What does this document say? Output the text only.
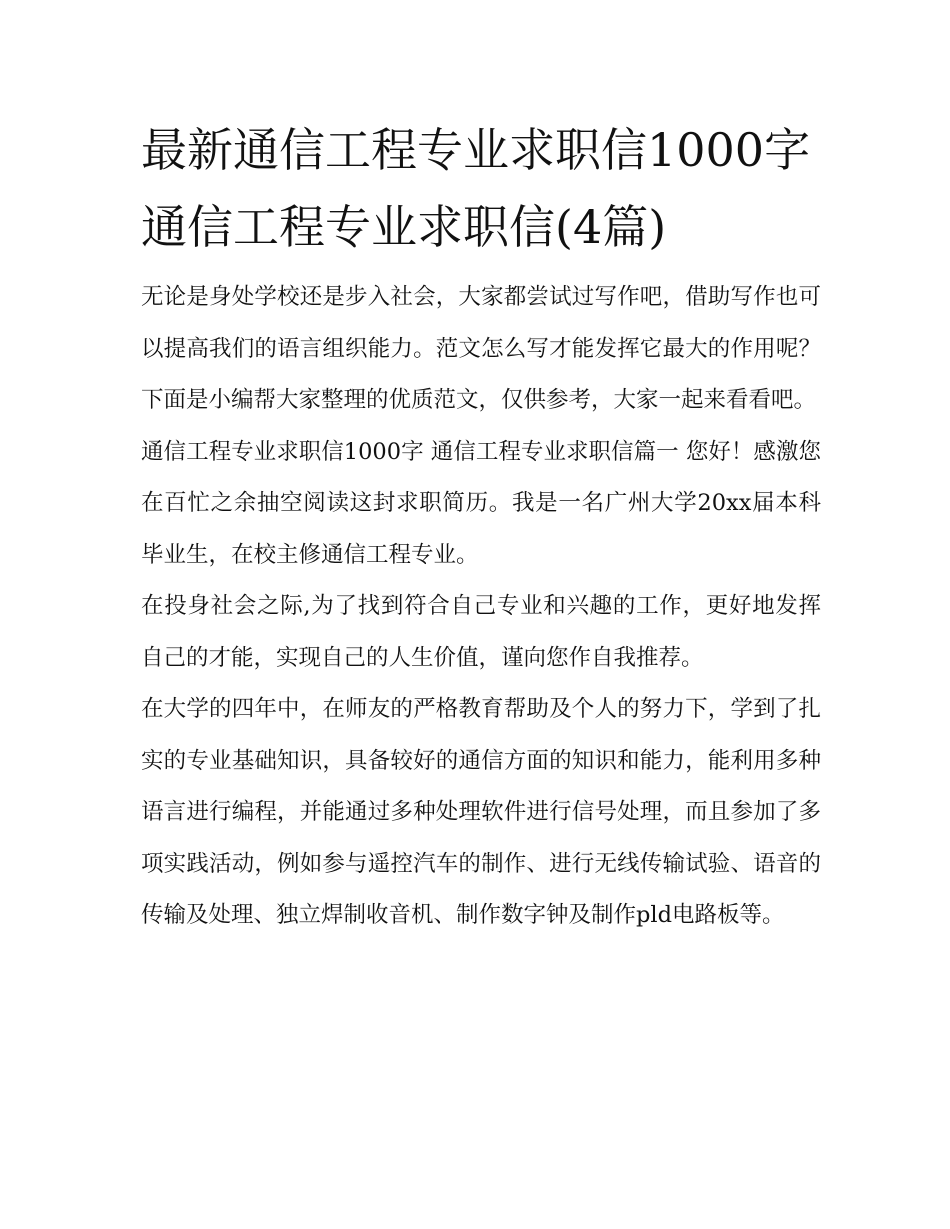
最新通信工程专业求职信1000字 通信工程专业求职信(4篇)

无论是身处学校还是步入社会，大家都尝试过写作吧，借助写作也可以提高我们的语言组织能力。范文怎么写才能发挥它最大的作用呢？下面是小编帮大家整理的优质范文，仅供参考，大家一起来看看吧。

通信工程专业求职信1000字 通信工程专业求职信篇一 您好！感激您在百忙之余抽空阅读这封求职简历。我是一名广州大学20xx届本科毕业生，在校主修通信工程专业。

在投身社会之际,为了找到符合自己专业和兴趣的工作，更好地发挥自己的才能，实现自己的人生价值，谨向您作自我推荐。

在大学的四年中，在师友的严格教育帮助及个人的努力下，学到了扎实的专业基础知识，具备较好的通信方面的知识和能力，能利用多种语言进行编程，并能通过多种处理软件进行信号处理，而且参加了多项实践活动，例如参与遥控汽车的制作、进行无线传输试验、语音的传输及处理、独立焊制收音机、制作数字钟及制作pld电路板等。
